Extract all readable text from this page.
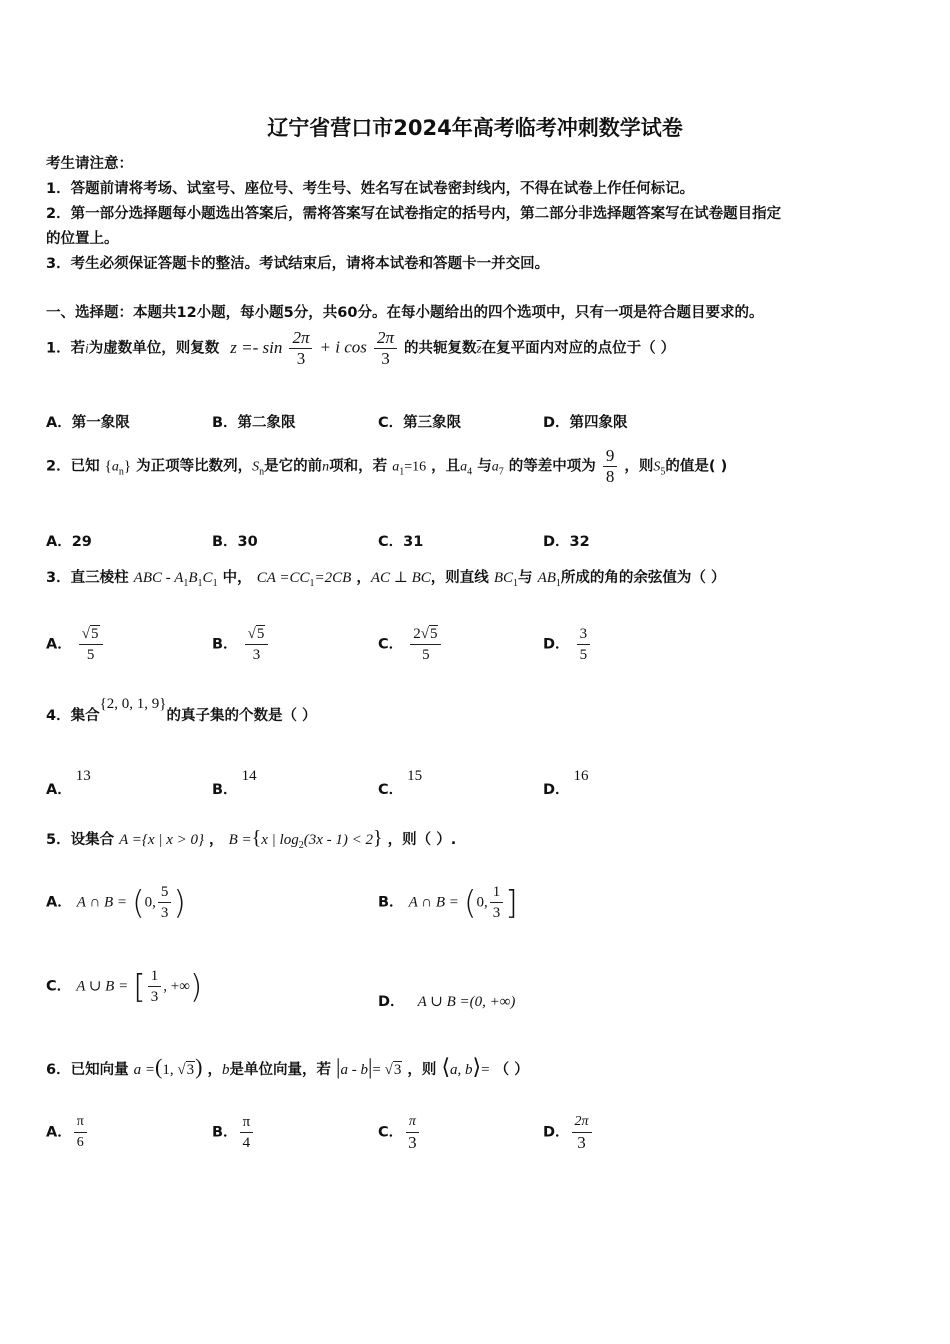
辽宁省营口市2024年高考临考冲刺数学试卷
考生请注意：
1．答题前请将考场、试室号、座位号、考生号、姓名写在试卷密封线内，不得在试卷上作任何标记。
2．第一部分选择题每小题选出答案后，需将答案写在试卷指定的括号内，第二部分非选择题答案写在试卷题目指定
的位置上。
3．考生必须保证答题卡的整洁。考试结束后，请将本试卷和答题卡一并交回。
一、选择题：本题共12小题，每小题5分，共60分。在每小题给出的四个选项中，只有一项是符合题目要求的。
1．若i为虚数单位，则复数 $z =- \sin \frac{2\pi}{3} + i$ $\cos \frac{2\pi}{3}$ 的共轭复数$\overline{z}$在复平面内对应的点位于（ ）
A．第一象限	B．第二象限	C．第三象限	D．第四象限
2．已知 $\{a_n\}$ 为正项等比数列，$S_n$是它的前n项和，若 $a_1=16$ ，且$a_4$ 与$a_7$ 的等差中项为 $\frac{9}{8}$ ，则$S_5$的值是( )
A．29	B．30	C．31	D．32
3．直三棱柱 ABC - $A_1B_1C_1$ 中， CA $=CC_1=2CB$ ，AC ⊥ BC，则直线 $BC_1$与 $AB_1$所成的角的余弦值为（ ）
A． $\frac{√5}{5}$	B． $\frac{√5}{3}$	C． $\frac{2√5}{5}$	D． $\frac{3}{5}$
4．集合{2, 0, 1, 9}的真子集的个数是（ ）
A．13
B．14
C．15
D．16
5．设集合 A ={x | x > 0} ， B ={x | $\log_2(3x - 1) < 2$} ，则（ ）.
A． A ∩ B = (0, $\frac{5}{3}$ )	B． A ∩ B = (0, $\frac{1}{3}$ ]
C． A ∪ B = [ $\frac{1}{3}$ , +∞)	D． A ∪ B =(0, +∞)
6．已知向量 a =(1, √3) ，b是单位向量，若 |a - b|= √3 ，则 ⟨a, b⟩= （ ）
A． $\frac{\pi}{6}$	B． $\frac{\pi}{4}$	C． $\frac{\pi}{3}$	D． $\frac{2\pi}{3}$
